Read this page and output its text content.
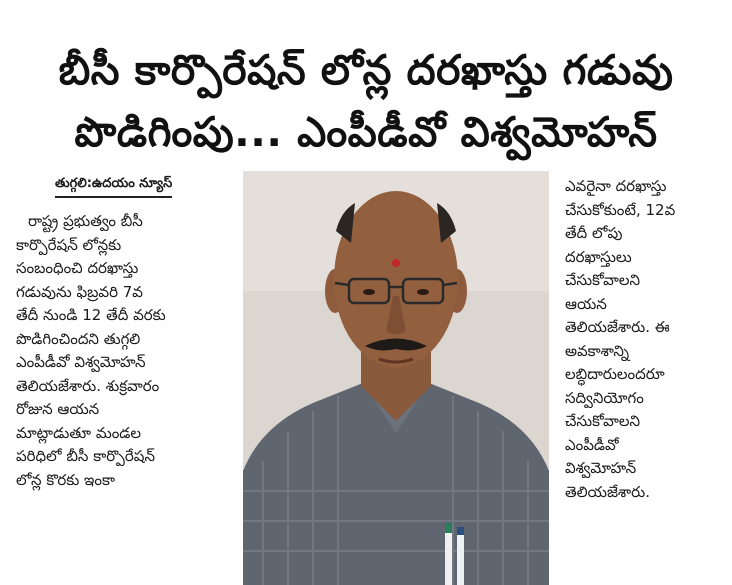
బీసీ కార్పొరేషన్ లోన్ల దరఖాస్తు గడువు
పొడిగింపు... ఎంపీడీవో విశ్వమోహన్
తుగ్గలి:ఉదయం న్యూస్
రాష్ట్ర ప్రభుత్వం బీసీ
కార్పొరేషన్ లోన్లకు
సంబంధించి దరఖాస్తు
గడువును ఫిబ్రవరి 7వ
తేదీ నుండి 12 తేదీ వరకు
పొడిగించిందని తుగ్గలి
ఎంపీడీవో విశ్వమోహన్
తెలియజేశారు. శుక్రవారం
రోజున ఆయన
మాట్లాడుతూ మండల
పరిధిలో బీసీ కార్పొరేషన్
లోన్ల కొరకు ఇంకా
ఎవరైనా దరఖాస్తు
చేసుకోకుంటే, 12వ
తేదీ లోపు
దరఖాస్తులు
చేసుకోవాలని
ఆయన
తెలియజేశారు. ఈ
అవకాశాన్ని
లబ్ధిదారులందరూ
సద్వినియోగం
చేసుకోవాలని
ఎంపీడీవో
విశ్వమోహన్
తెలియజేశారు.
